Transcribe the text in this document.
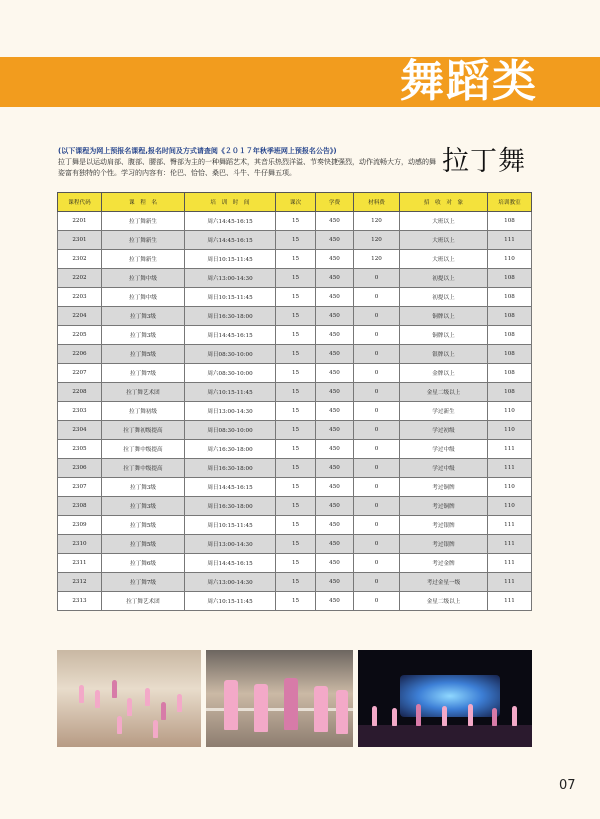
舞蹈类
(以下课程为网上预报名课程,报名时间及方式请查阅《２０１７年秋季班网上预报名公告》)
拉丁舞是以运动肩部、腹部、腰部、臀部为主的一种舞蹈艺术，其音乐热烈洋溢、节奏快捷强烈，动作流畅大方，动感的舞姿富有独特的个性。学习的内容有：伦巴、恰恰、桑巴、斗牛、牛仔舞五项。	拉丁舞
课程代码	课　程　名	培　训　时　间	课次	学费	材料费	招　收　对　象	培训教室
2201	拉丁舞新生	周六14:45-16:15	15	450	120	大班以上	108
2301	拉丁舞新生	周六14:45-16:15	15	450	120	大班以上	111
2302	拉丁舞新生	周日10:15-11:45	15	450	120	大班以上	110
2202	拉丁舞中级	周六13:00-14:30	15	450	0	初提以上	108
2203	拉丁舞中级	周日10:15-11:45	15	450	0	初提以上	108
2204	拉丁舞3级	周日16:30-18:00	15	450	0	铜牌以上	108
2205	拉丁舞3级	周日14:45-16:15	15	450	0	铜牌以上	108
2206	拉丁舞5级	周日08:30-10:00	15	450	0	银牌以上	108
2207	拉丁舞7级	周六08:30-10:00	15	450	0	金牌以上	108
2208	拉丁舞艺术团	周六10:15-11:45	15	450	0	金星二级以上	108
2303	拉丁舞初级	周日13:00-14:30	15	450	0	学过新生	110
2304	拉丁舞初级提高	周日08:30-10:00	15	450	0	学过初级	110
2305	拉丁舞中级提高	周六16:30-18:00	15	450	0	学过中级	111
2306	拉丁舞中级提高	周日16:30-18:00	15	450	0	学过中级	111
2307	拉丁舞3级	周日14:45-16:15	15	450	0	考过铜牌	110
2308	拉丁舞3级	周日16:30-18:00	15	450	0	考过铜牌	110
2309	拉丁舞5级	周日10:15-11:45	15	450	0	考过银牌	111
2310	拉丁舞5级	周日13:00-14:30	15	450	0	考过银牌	111
2311	拉丁舞6级	周日14:45-16:15	15	450	0	考过金牌	111
2312	拉丁舞7级	周六13:00-14:30	15	450	0	考过金星一级	111
2313	拉丁舞艺术团	周六10:15-11:45	15	450	0	金星二级以上	111
07
